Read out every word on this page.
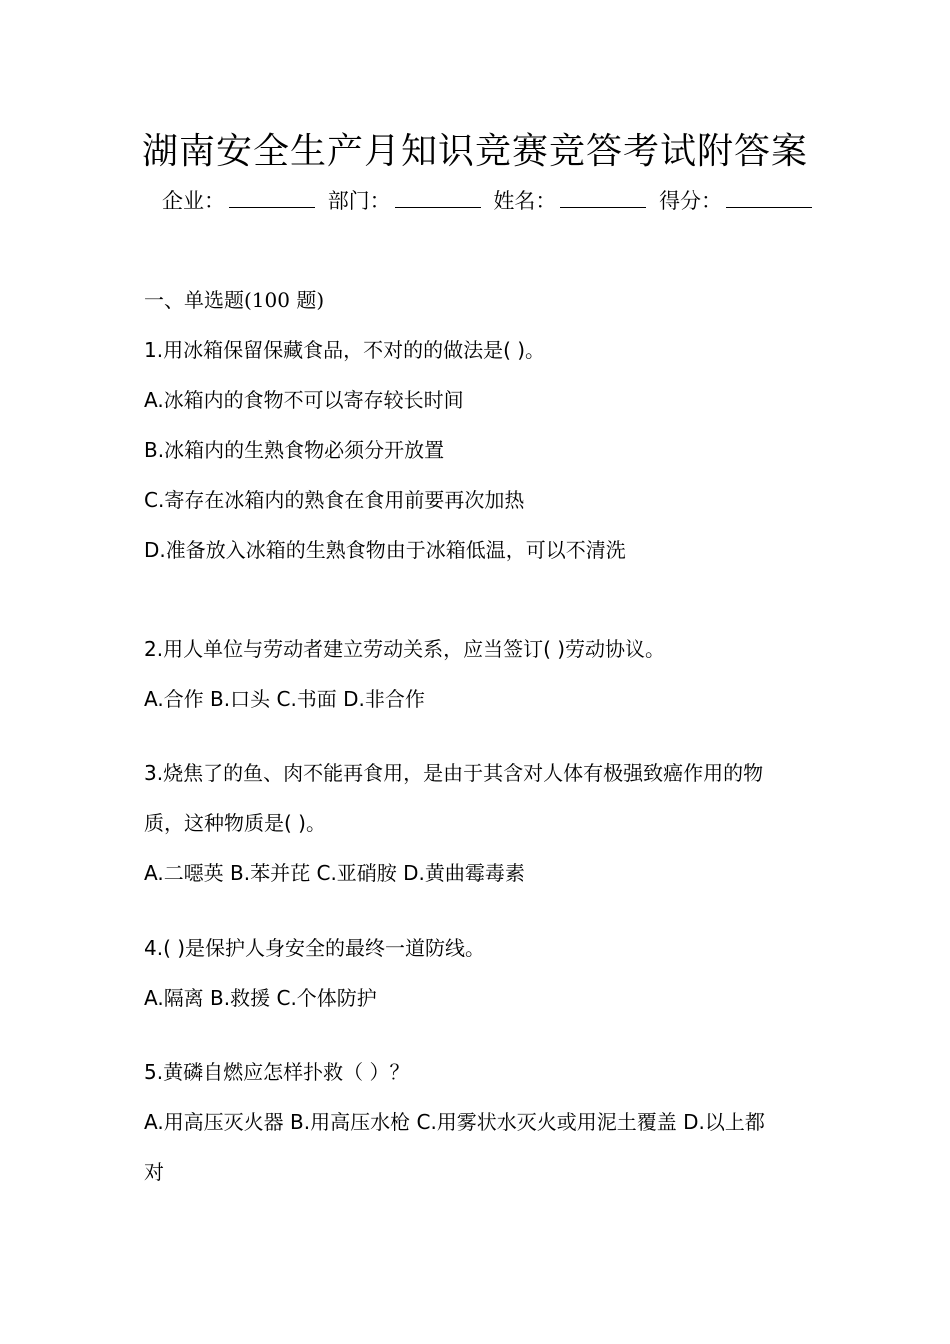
湖南安全生产月知识竞赛竞答考试附答案
企业：	部门：	姓名：	得分：
一、单选题(100 题)
1.用冰箱保留保藏食品，不对的的做法是( )。
A.冰箱内的食物不可以寄存较长时间
B.冰箱内的生熟食物必须分开放置
C.寄存在冰箱内的熟食在食用前要再次加热
D.准备放入冰箱的生熟食物由于冰箱低温，可以不清洗
2.用人单位与劳动者建立劳动关系，应当签订( )劳动协议。
A.合作 B.口头 C.书面 D.非合作
3.烧焦了的鱼、肉不能再食用，是由于其含对人体有极强致癌作用的物
质，这种物质是( )。
A.二噁英 B.苯并芘 C.亚硝胺 D.黄曲霉毒素
4.( )是保护人身安全的最终一道防线。
A.隔离 B.救援 C.个体防护
5.黄磷自燃应怎样扑救（ ）？
A.用高压灭火器 B.用高压水枪 C.用雾状水灭火或用泥土覆盖 D.以上都
对
